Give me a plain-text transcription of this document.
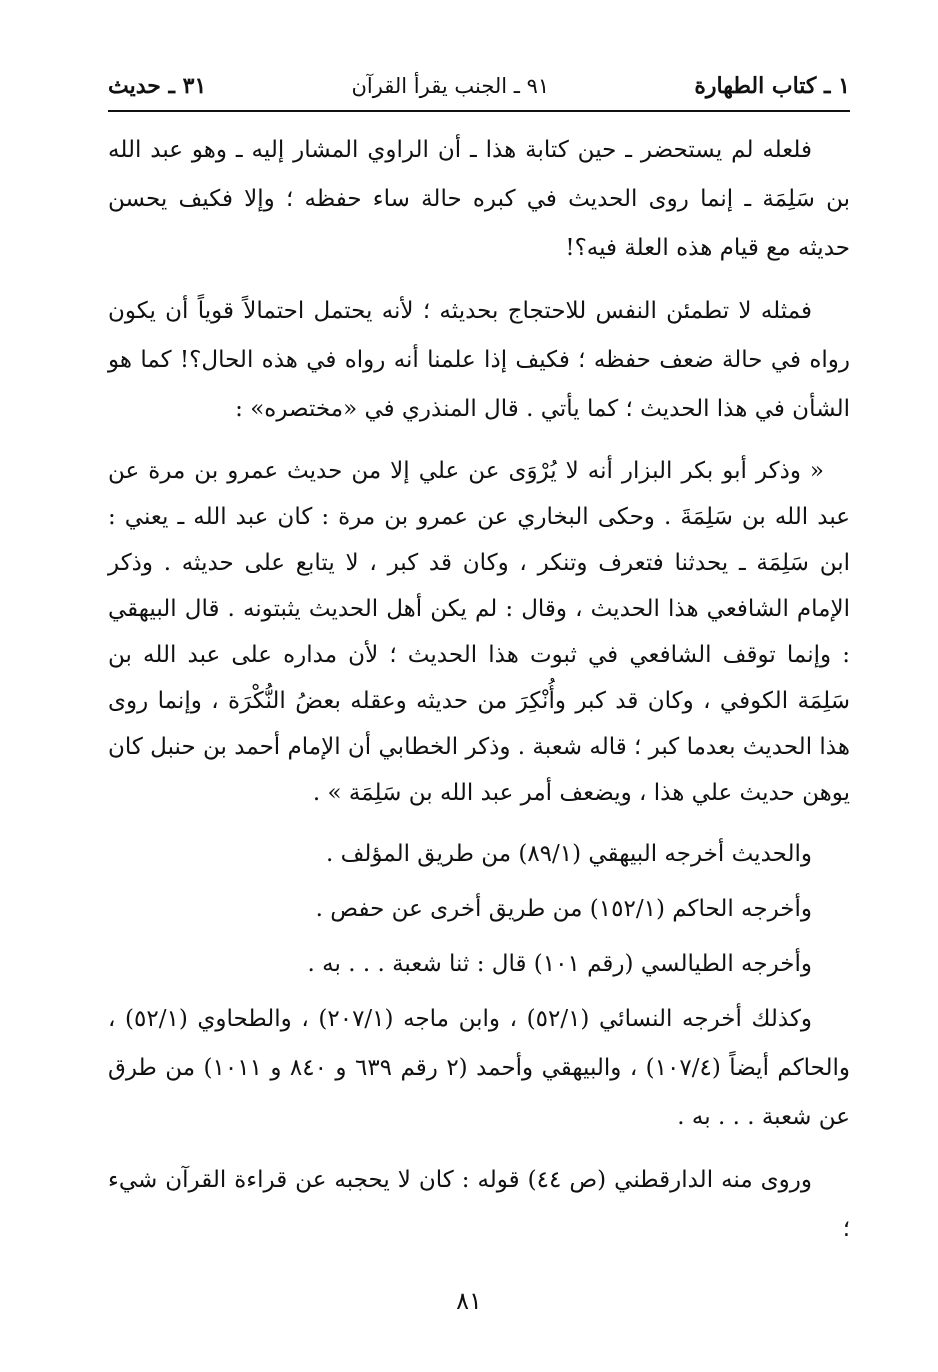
١ ـ كتاب الطهارة
٩١ ـ الجنب يقرأ القرآن
٣١ ـ حديث

فلعله لم يستحضر ـ حين كتابة هذا ـ أن الراوي المشار إليه ـ وهو عبد الله بن سَلِمَة ـ إنما روى الحديث في كبره حالة ساء حفظه ؛ وإلا فكيف يحسن حديثه مع قيام هذه العلة فيه؟!

فمثله لا تطمئن النفس للاحتجاج بحديثه ؛ لأنه يحتمل احتمالاً قوياً أن يكون رواه في حالة ضعف حفظه ؛ فكيف إذا علمنا أنه رواه في هذه الحال؟! كما هو الشأن في هذا الحديث ؛ كما يأتي . قال المنذري في «مختصره» :

« وذكر أبو بكر البزار أنه لا يُرْوَى عن علي إلا من حديث عمرو بن مرة عن عبد الله بن سَلِمَةَ . وحكى البخاري عن عمرو بن مرة : كان عبد الله ـ يعني : ابن سَلِمَة ـ يحدثنا فتعرف وتنكر ، وكان قد كبر ، لا يتابع على حديثه . وذكر الإمام الشافعي هذا الحديث ، وقال : لم يكن أهل الحديث يثبتونه . قال البيهقي : وإنما توقف الشافعي في ثبوت هذا الحديث ؛ لأن مداره على عبد الله بن سَلِمَة الكوفي ، وكان قد كبر وأُنْكِرَ من حديثه وعقله بعضُ النُّكْرَة ، وإنما روى هذا الحديث بعدما كبر ؛ قاله شعبة . وذكر الخطابي أن الإمام أحمد بن حنبل كان يوهن حديث علي هذا ، ويضعف أمر عبد الله بن سَلِمَة » .

والحديث أخرجه البيهقي (٨٩/١) من طريق المؤلف .

وأخرجه الحاكم (١٥٢/١) من طريق أخرى عن حفص .

وأخرجه الطيالسي (رقم ١٠١) قال : ثنا شعبة . . . به .

وكذلك أخرجه النسائي (٥٢/١) ، وابن ماجه (٢٠٧/١) ، والطحاوي (٥٢/١) ، والحاكم أيضاً (١٠٧/٤) ، والبيهقي وأحمد (٢ رقم ٦٣٩ و ٨٤٠ و ١٠١١) من طرق عن شعبة . . . به .

وروى منه الدارقطني (ص ٤٤) قوله : كان لا يحجبه عن قراءة القرآن شيء ؛

٨١
